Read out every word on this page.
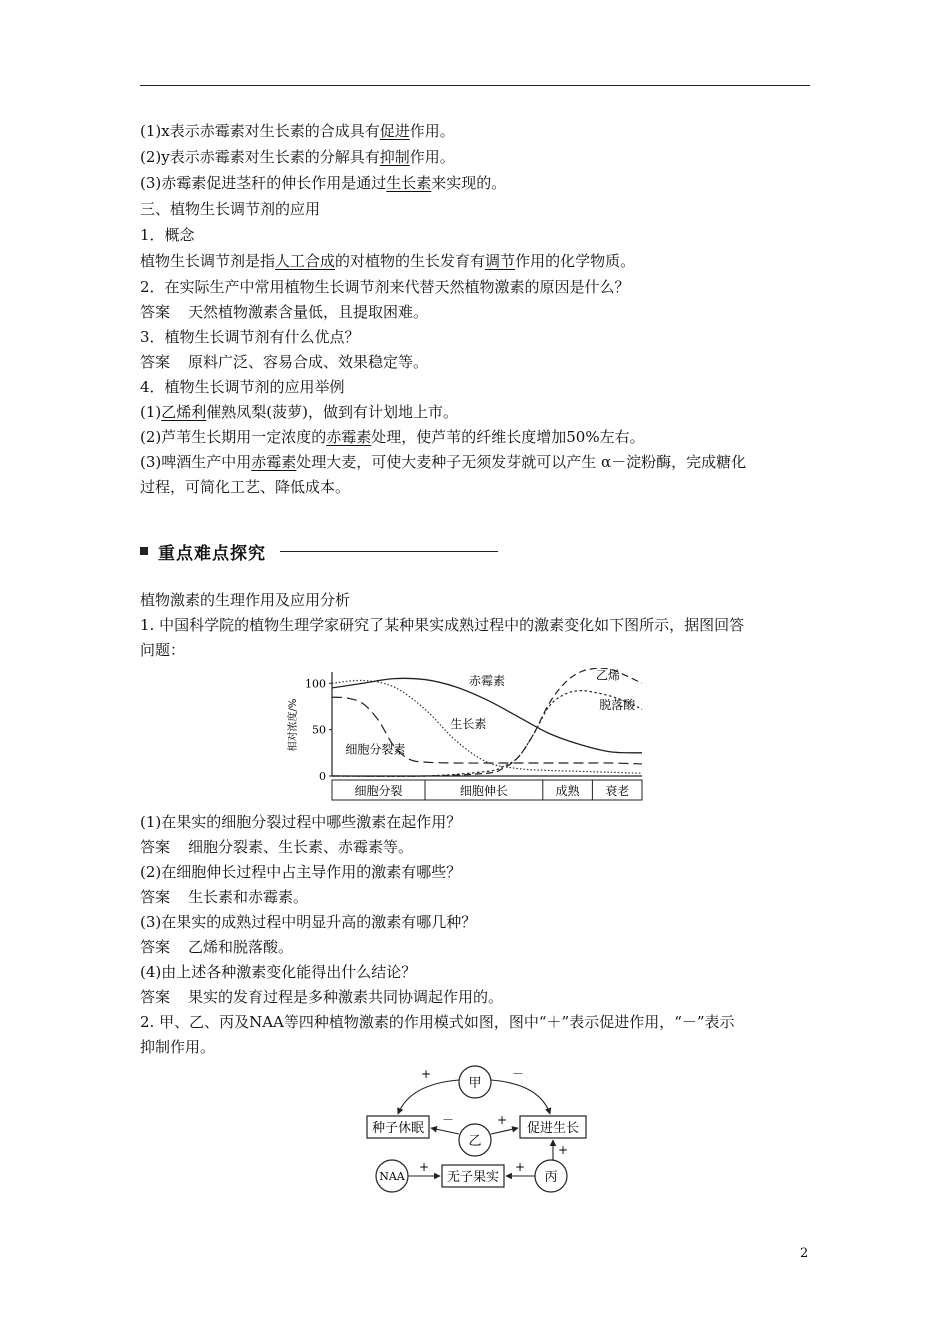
(1)x表示赤霉素对生长素的合成具有促进作用。
(2)y表示赤霉素对生长素的分解具有抑制作用。
(3)赤霉素促进茎秆的伸长作用是通过生长素来实现的。
三、植物生长调节剂的应用
1．概念
植物生长调节剂是指人工合成的对植物的生长发育有调节作用的化学物质。
2．在实际生产中常用植物生长调节剂来代替天然植物激素的原因是什么？
答案 天然植物激素含量低，且提取困难。
3．植物生长调节剂有什么优点？
答案 原料广泛、容易合成、效果稳定等。
4．植物生长调节剂的应用举例
(1)乙烯利催熟凤梨(菠萝)，做到有计划地上市。
(2)芦苇生长期用一定浓度的赤霉素处理，使芦苇的纤维长度增加50%左右。
(3)啤酒生产中用赤霉素处理大麦，可使大麦种子无须发芽就可以产生 α－淀粉酶，完成糖化
过程，可简化工艺、降低成本。
重点难点探究
植物激素的生理作用及应用分析
1. 中国科学院的植物生理学家研究了某种果实成熟过程中的激素变化如下图所示，据图回答
问题：
100
50
0
相对浓度/%
细胞分裂	细胞伸长	成熟 衰老
赤霉素
生长素
细胞分裂素
乙烯
脱落酸
(1)在果实的细胞分裂过程中哪些激素在起作用？
答案 细胞分裂素、生长素、赤霉素等。
(2)在细胞伸长过程中占主导作用的激素有哪些？
答案 生长素和赤霉素。
(3)在果实的成熟过程中明显升高的激素有哪几种？
答案 乙烯和脱落酸。
(4)由上述各种激素变化能得出什么结论？
答案 果实的发育过程是多种激素共同协调起作用的。
2. 甲、乙、丙及NAA等四种植物激素的作用模式如图，图中“＋”表示促进作用，“－”表示
抑制作用。
甲
种子休眠	促进生长
乙
NAA	无子果实	丙
+	－
－	+
+	+
+
2
